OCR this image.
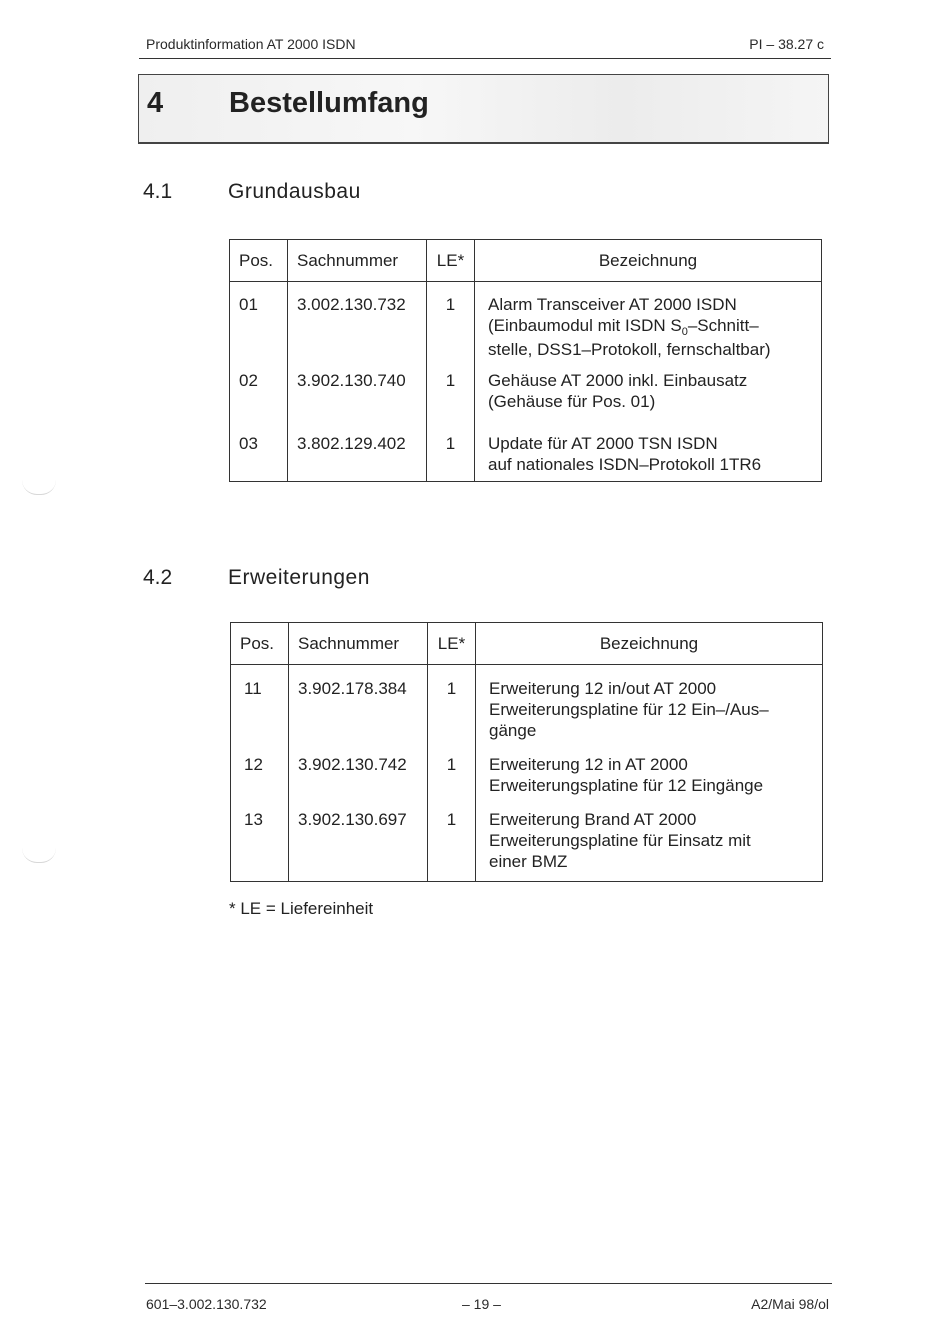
Produktinformation AT 2000 ISDN	PI – 38.27 c
4 Bestellumfang
4.1	Grundausbau
Pos.	Sachnummer	LE*	Bezeichnung
01	3.002.130.732	1	Alarm Transceiver AT 2000 ISDN
(Einbaumodul mit ISDN $S_0-Schnitt-$
stelle, DSS1–Protokoll, fernschaltbar)

02	3.902.130.740	1	Gehäuse AT 2000 inkl. Einbausatz
(Gehäuse für Pos. 01)

03	3.802.129.402	1	Update für AT 2000 TSN ISDN
auf nationales ISDN–Protokoll 1TR6
4.2	Erweiterungen
Pos.	Sachnummer	LE*	Bezeichnung
11	3.902.178.384	1	Erweiterung 12 in/out AT 2000
Erweiterungsplatine für 12 Ein–/Aus–
gänge

12	3.902.130.742	1	Erweiterung 12 in AT 2000
Erweiterungsplatine für 12 Eingänge

13	3.902.130.697	1	Erweiterung Brand AT 2000
Erweiterungsplatine für Einsatz mit
einer BMZ
* LE = Liefereinheit
601–3.002.130.732	– 19 –	A2/Mai 98/ol
